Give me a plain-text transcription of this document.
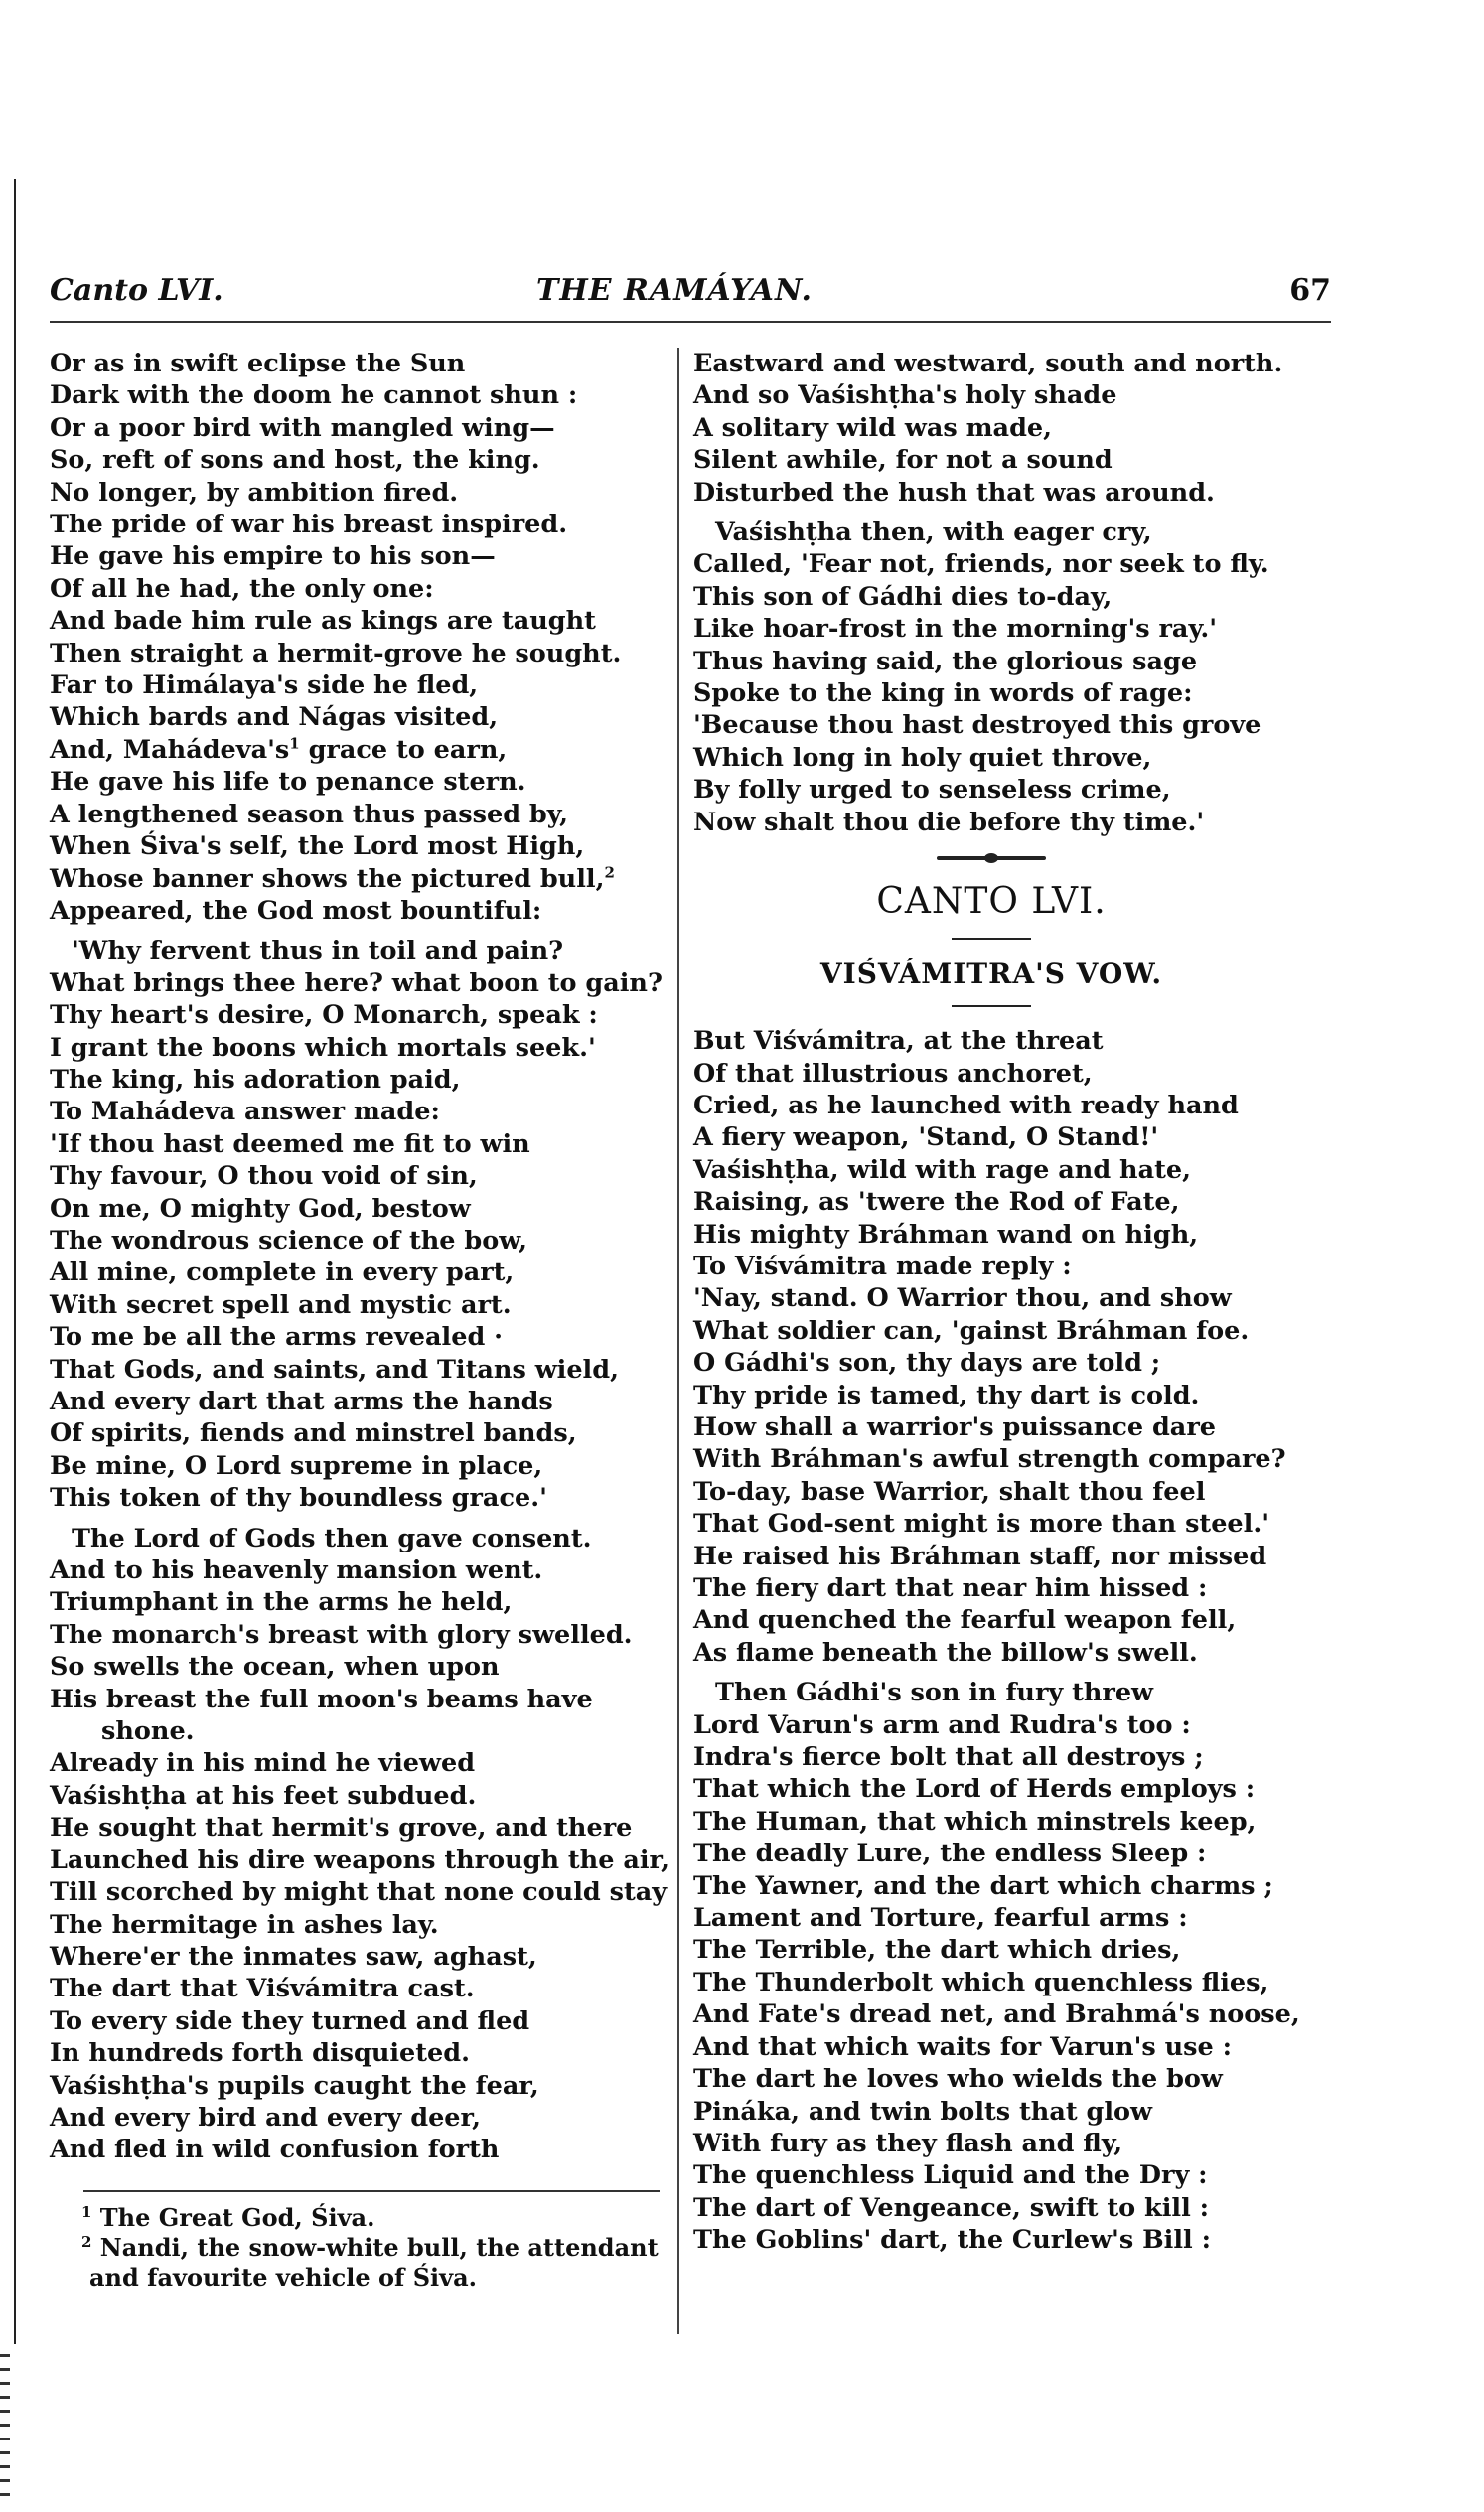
Canto LVI.	THE RAMÁYAN.	67
Or as in swift eclipse the Sun
Dark with the doom he cannot shun :
Or a poor bird with mangled wing—
So, reft of sons and host, the king.
No longer, by ambition fired.
The pride of war his breast inspired.
He gave his empire to his son—
Of all he had, the only one:
And bade him rule as kings are taught
Then straight a hermit-grove he sought.
Far to Himálaya's side he fled,
Which bards and Nágas visited,
And, $Mahádeva's^1$ grace to earn,
He gave his life to penance stern.
A lengthened season thus passed by,
When Śiva's self, the Lord most High,
Whose banner shows the pictured bull,$^2$
Appeared, the God most bountiful:
'Why fervent thus in toil and pain?
What brings thee here? what boon to gain?
Thy heart's desire, O Monarch, speak :
I grant the boons which mortals seek.'
The king, his adoration paid,
To Mahádeva answer made:
'If thou hast deemed me fit to win
Thy favour, O thou void of sin,
On me, O mighty God, bestow
The wondrous science of the bow,
All mine, complete in every part,
With secret spell and mystic art.
To me be all the arms revealed ·
That Gods, and saints, and Titans wield,
And every dart that arms the hands
Of spirits, fiends and minstrel bands,
Be mine, O Lord supreme in place,
This token of thy boundless grace.'
The Lord of Gods then gave consent.
And to his heavenly mansion went.
Triumphant in the arms he held,
The monarch's breast with glory swelled.
So swells the ocean, when upon
His breast the full moon's beams have
shone.
Already in his mind he viewed
Vaśishṭha at his feet subdued.
He sought that hermit's grove, and there
Launched his dire weapons through the air,
Till scorched by might that none could stay
The hermitage in ashes lay.
Where'er the inmates saw, aghast,
The dart that Viśvámitra cast.
To every side they turned and fled
In hundreds forth disquieted.
Vaśishṭha's pupils caught the fear,
And every bird and every deer,
And fled in wild confusion forth
Eastward and westward, south and north.
And so Vaśishṭha's holy shade
A solitary wild was made,
Silent awhile, for not a sound
Disturbed the hush that was around.
Vaśishṭha then, with eager cry,
Called, 'Fear not, friends, nor seek to fly.
This son of Gádhi dies to-day,
Like hoar-frost in the morning's ray.'
Thus having said, the glorious sage
Spoke to the king in words of rage:
'Because thou hast destroyed this grove
Which long in holy quiet throve,
By folly urged to senseless crime,
Now shalt thou die before thy time.'
CANTO LVI.
VIŚVÁMITRA'S VOW.
But Viśvámitra, at the threat
Of that illustrious anchoret,
Cried, as he launched with ready hand
A fiery weapon, 'Stand, O Stand!'
Vaśishṭha, wild with rage and hate,
Raising, as 'twere the Rod of Fate,
His mighty Bráhman wand on high,
To Viśvámitra made reply :
'Nay, stand. O Warrior thou, and show
What soldier can, 'gainst Bráhman foe.
O Gádhi's son, thy days are told ;
Thy pride is tamed, thy dart is cold.
How shall a warrior's puissance dare
With Bráhman's awful strength compare?
To-day, base Warrior, shalt thou feel
That God-sent might is more than steel.'
He raised his Bráhman staff, nor missed
The fiery dart that near him hissed :
And quenched the fearful weapon fell,
As flame beneath the billow's swell.
Then Gádhi's son in fury threw
Lord Varun's arm and Rudra's too :
Indra's fierce bolt that all destroys ;
That which the Lord of Herds employs :
The Human, that which minstrels keep,
The deadly Lure, the endless Sleep :
The Yawner, and the dart which charms ;
Lament and Torture, fearful arms :
The Terrible, the dart which dries,
The Thunderbolt which quenchless flies,
And Fate's dread net, and Brahmá's noose,
And that which waits for Varun's use :
The dart he loves who wields the bow
Pináka, and twin bolts that glow
With fury as they flash and fly,
The quenchless Liquid and the Dry :
The dart of Vengeance, swift to kill :
The Goblins' dart, the Curlew's Bill :
$^1$ The Great God, Śiva.
$^2$ Nandi, the snow-white bull, the attendant and favourite vehicle of Śiva.
